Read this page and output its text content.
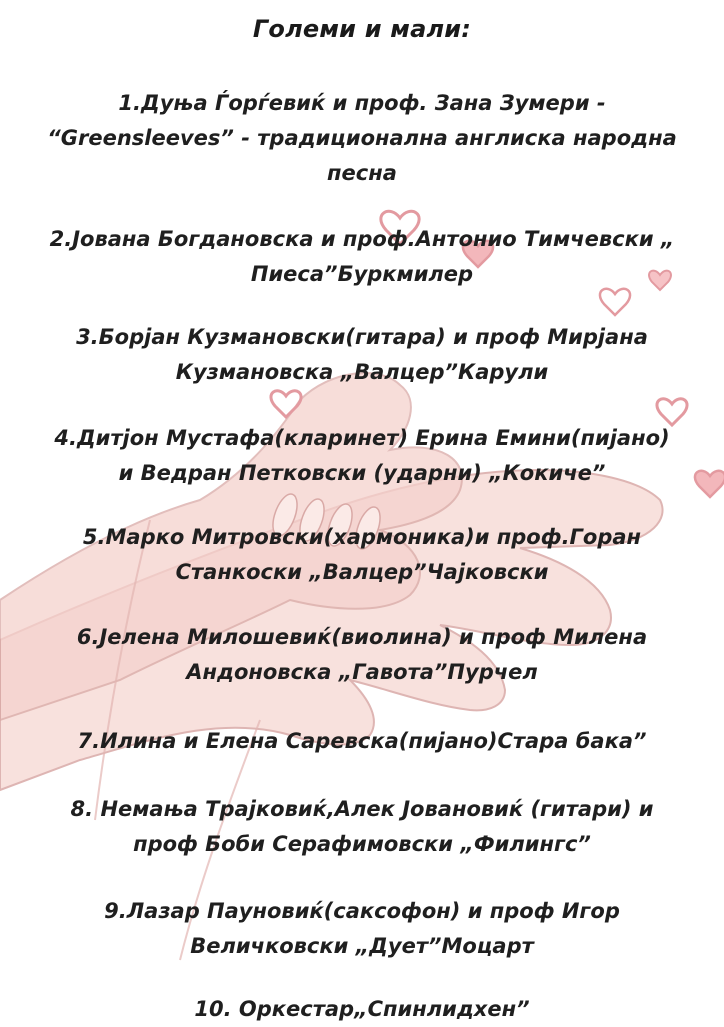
Големи и мали:
1.Дуња Ѓорѓевиќ и проф. Зана Зумери -
“Greensleeves” - традиционална англиска народна
песна
2.Јована Богдановска и проф.Антонио Тимчевски „
Пиеса”Буркмилер
3.Борјан Кузмановски(гитара) и проф Мирјана
Кузмановска „Валцер”Карули
4.Дитјон Мустафа(кларинет) Ерина Емини(пијано)
и Ведран Петковски (ударни) „Кокиче”
5.Марко Митровски(хармоника)и проф.Горан
Станкоски „Валцер”Чајковски
6.Јелена Милошевиќ(виолина) и проф Милена
Андоновска „Гавота”Пурчел
7.Илина и Елена Саревска(пијано)Стара бака”
8. Немања Трајковиќ,Алек Јовановиќ (гитари) и
проф Боби Серафимовски „Филингс”
9.Лазар Пауновиќ(саксофон) и проф Игор
Величковски „Дует”Моцарт
10. Оркестар„Спинлидхен”
